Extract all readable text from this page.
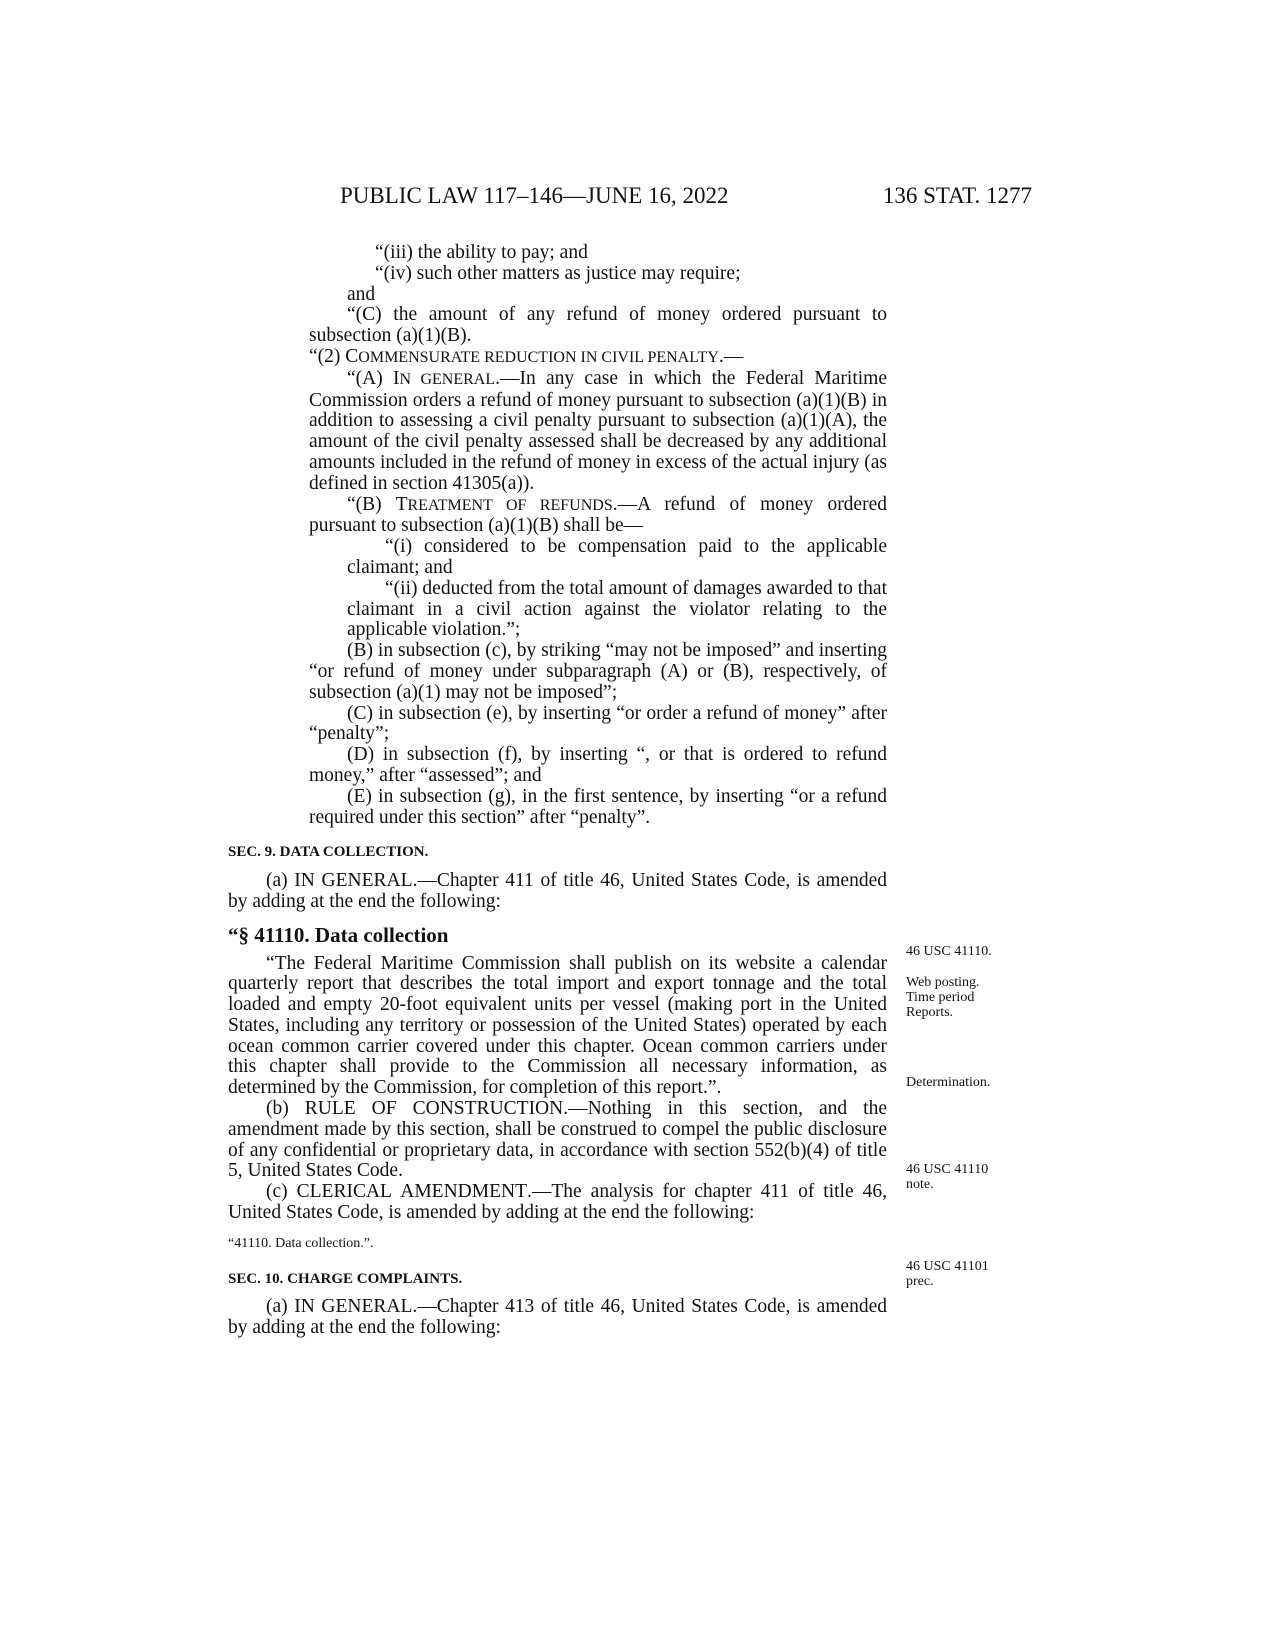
PUBLIC LAW 117–146—JUNE 16, 2022	136 STAT. 1277

“(iii) the ability to pay; and

“(iv) such other matters as justice may require;

and

“(C) the amount of any refund of money ordered pursuant to subsection (a)(1)(B).

“(2) COMMENSURATE REDUCTION IN CIVIL PENALTY.—

“(A) IN GENERAL.—In any case in which the Federal Maritime Commission orders a refund of money pursuant to subsection (a)(1)(B) in addition to assessing a civil penalty pursuant to subsection (a)(1)(A), the amount of the civil penalty assessed shall be decreased by any additional amounts included in the refund of money in excess of the actual injury (as defined in section 41305(a)).

“(B) TREATMENT OF REFUNDS.—A refund of money ordered pursuant to subsection (a)(1)(B) shall be—

“(i) considered to be compensation paid to the applicable claimant; and

“(ii) deducted from the total amount of damages awarded to that claimant in a civil action against the violator relating to the applicable violation.”;

(B) in subsection (c), by striking “may not be imposed” and inserting “or refund of money under subparagraph (A) or (B), respectively, of subsection (a)(1) may not be imposed”;

(C) in subsection (e), by inserting “or order a refund of money” after “penalty”;

(D) in subsection (f), by inserting “, or that is ordered to refund money,” after “assessed”; and

(E) in subsection (g), in the first sentence, by inserting “or a refund required under this section” after “penalty”.

SEC. 9. DATA COLLECTION.

(a) IN GENERAL.—Chapter 411 of title 46, United States Code, is amended by adding at the end the following:

“§ 41110. Data collection

“The Federal Maritime Commission shall publish on its website a calendar quarterly report that describes the total import and export tonnage and the total loaded and empty 20-foot equivalent units per vessel (making port in the United States, including any territory or possession of the United States) operated by each ocean common carrier covered under this chapter. Ocean common carriers under this chapter shall provide to the Commission all necessary information, as determined by the Commission, for completion of this report.”.

(b) RULE OF CONSTRUCTION.—Nothing in this section, and the amendment made by this section, shall be construed to compel the public disclosure of any confidential or proprietary data, in accordance with section 552(b)(4) of title 5, United States Code.

(c) CLERICAL AMENDMENT.—The analysis for chapter 411 of title 46, United States Code, is amended by adding at the end the following:

“41110. Data collection.”.

SEC. 10. CHARGE COMPLAINTS.

(a) IN GENERAL.—Chapter 413 of title 46, United States Code, is amended by adding at the end the following:

46 USC 41110.
Web posting.
Time period
Reports.
Determination.
46 USC 41110
note.
46 USC 41101
prec.
